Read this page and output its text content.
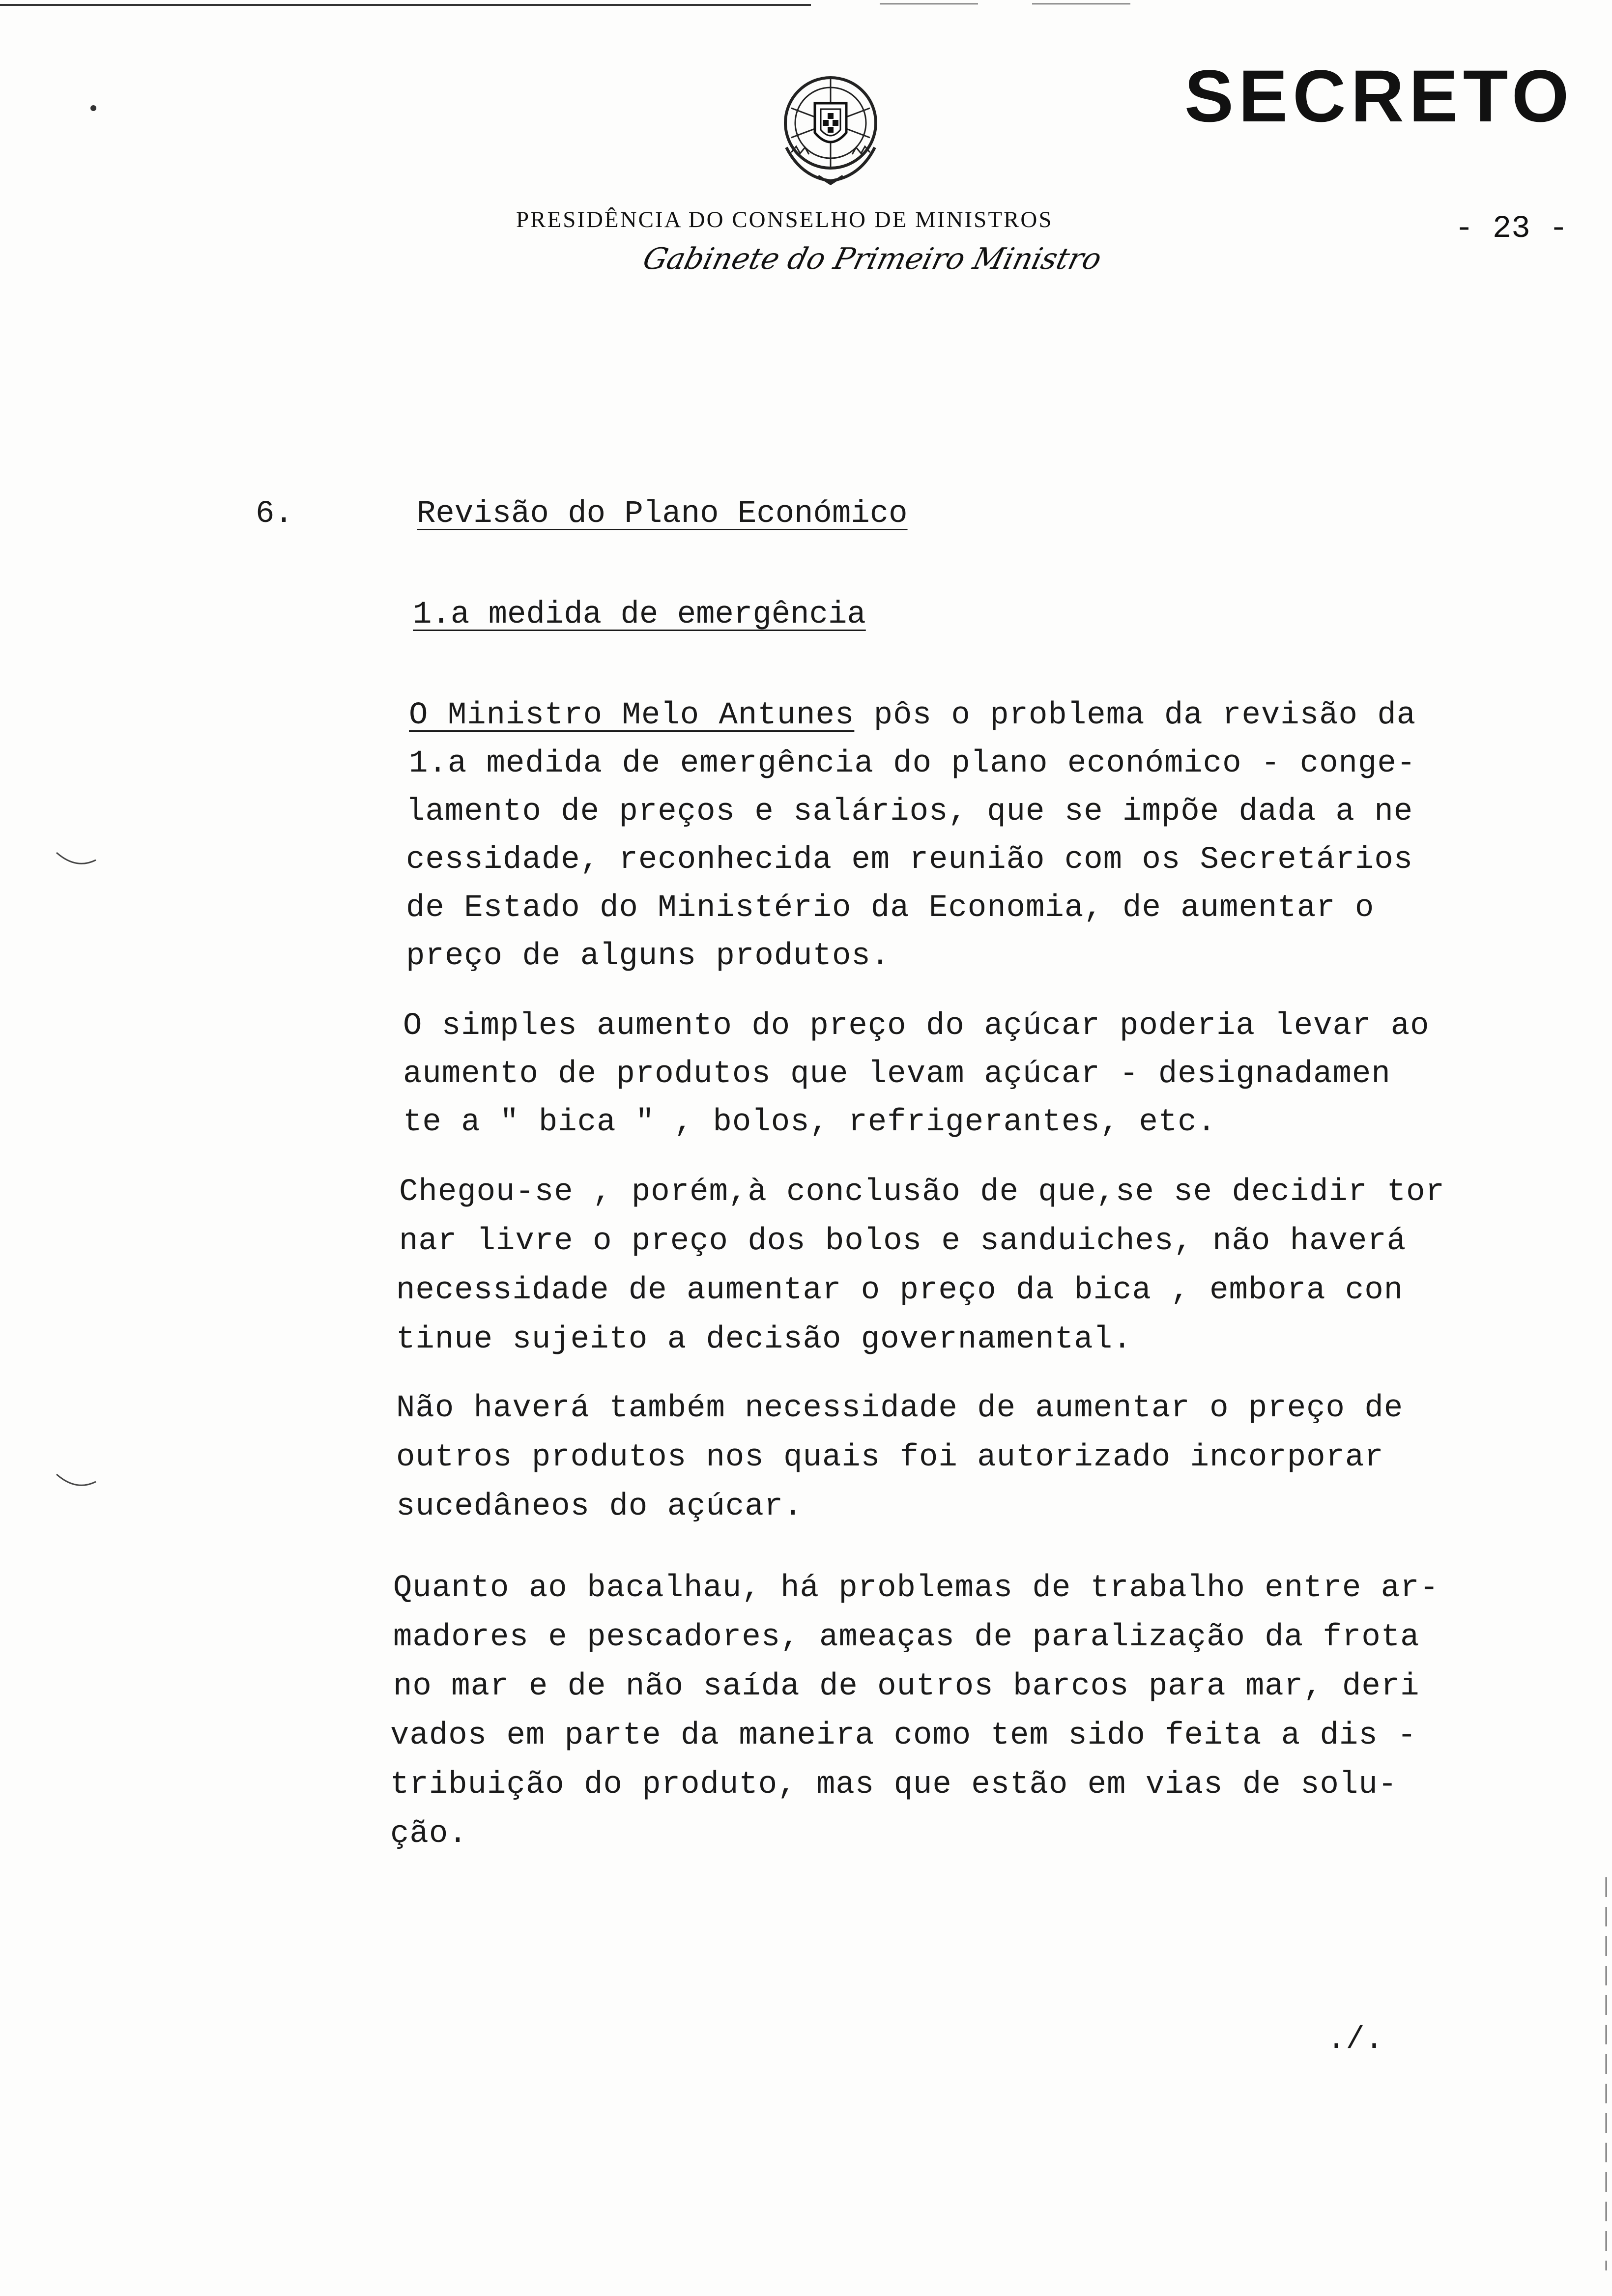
SECRETO
- 23 -
PRESIDÊNCIA DO CONSELHO DE MINISTROS
Gabinete do Primeiro Ministro
6.	Revisão do Plano Económico
1.a medida de emergência
O Ministro Melo Antunes pôs o problema da revisão da
1.a medida de emergência do plano económico - conge-
lamento de preços e salários, que se impõe dada a ne
cessidade, reconhecida em reunião com os Secretários
de Estado do Ministério da Economia, de aumentar o
preço de alguns produtos.
O simples aumento do preço do açúcar poderia levar ao
aumento de produtos que levam açúcar - designadamen
te a " bica " , bolos, refrigerantes, etc.
Chegou-se , porém,à conclusão de que,se se decidir tor
nar livre o preço dos bolos e sanduiches, não haverá
necessidade de aumentar o preço da bica , embora con
tinue sujeito a decisão governamental.
Não haverá também necessidade de aumentar o preço de
outros produtos nos quais foi autorizado incorporar
sucedâneos do açúcar.
Quanto ao bacalhau, há problemas de trabalho entre ar-
madores e pescadores, ameaças de paralização da frota
no mar e de não saída de outros barcos para mar, deri
vados em parte da maneira como tem sido feita a dis -
tribuição do produto, mas que estão em vias de solu-
ção.
./.
